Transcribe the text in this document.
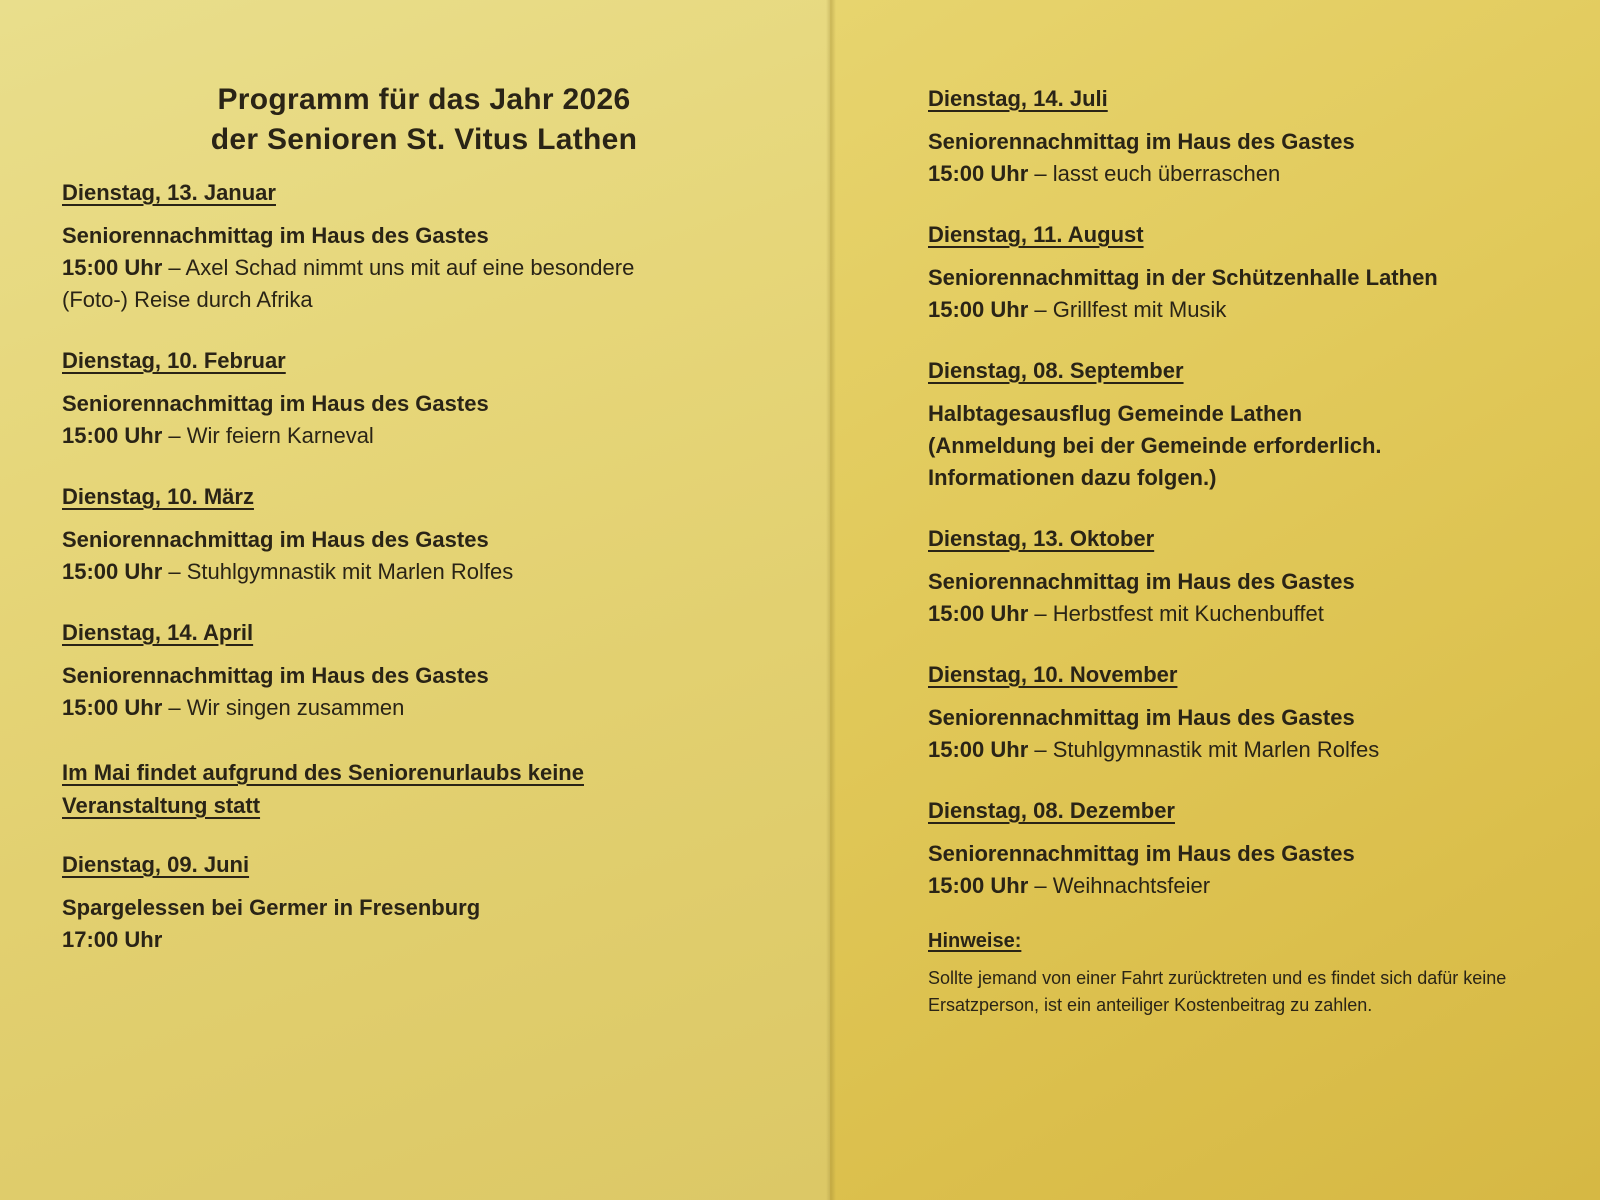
Programm für das Jahr 2026
der Senioren St. Vitus Lathen
Dienstag, 13. Januar
Seniorennachmittag im Haus des Gastes
15:00 Uhr – Axel Schad nimmt uns mit auf eine besondere
(Foto-) Reise durch Afrika
Dienstag, 10. Februar
Seniorennachmittag im Haus des Gastes
15:00 Uhr – Wir feiern Karneval
Dienstag, 10. März
Seniorennachmittag im Haus des Gastes
15:00 Uhr – Stuhlgymnastik mit Marlen Rolfes
Dienstag, 14. April
Seniorennachmittag im Haus des Gastes
15:00 Uhr – Wir singen zusammen
Im Mai findet aufgrund des Seniorenurlaubs keine
Veranstaltung statt
Dienstag, 09. Juni
Spargelessen bei Germer in Fresenburg
17:00 Uhr
Dienstag, 14. Juli
Seniorennachmittag im Haus des Gastes
15:00 Uhr – lasst euch überraschen
Dienstag, 11. August
Seniorennachmittag in der Schützenhalle Lathen
15:00 Uhr – Grillfest mit Musik
Dienstag, 08. September
Halbtagesausflug Gemeinde Lathen
(Anmeldung bei der Gemeinde erforderlich.
Informationen dazu folgen.)
Dienstag, 13. Oktober
Seniorennachmittag im Haus des Gastes
15:00 Uhr – Herbstfest mit Kuchenbuffet
Dienstag, 10. November
Seniorennachmittag im Haus des Gastes
15:00 Uhr – Stuhlgymnastik mit Marlen Rolfes
Dienstag, 08. Dezember
Seniorennachmittag im Haus des Gastes
15:00 Uhr – Weihnachtsfeier
Hinweise:
Sollte jemand von einer Fahrt zurücktreten und es findet sich dafür keine
Ersatzperson, ist ein anteiliger Kostenbeitrag zu zahlen.
